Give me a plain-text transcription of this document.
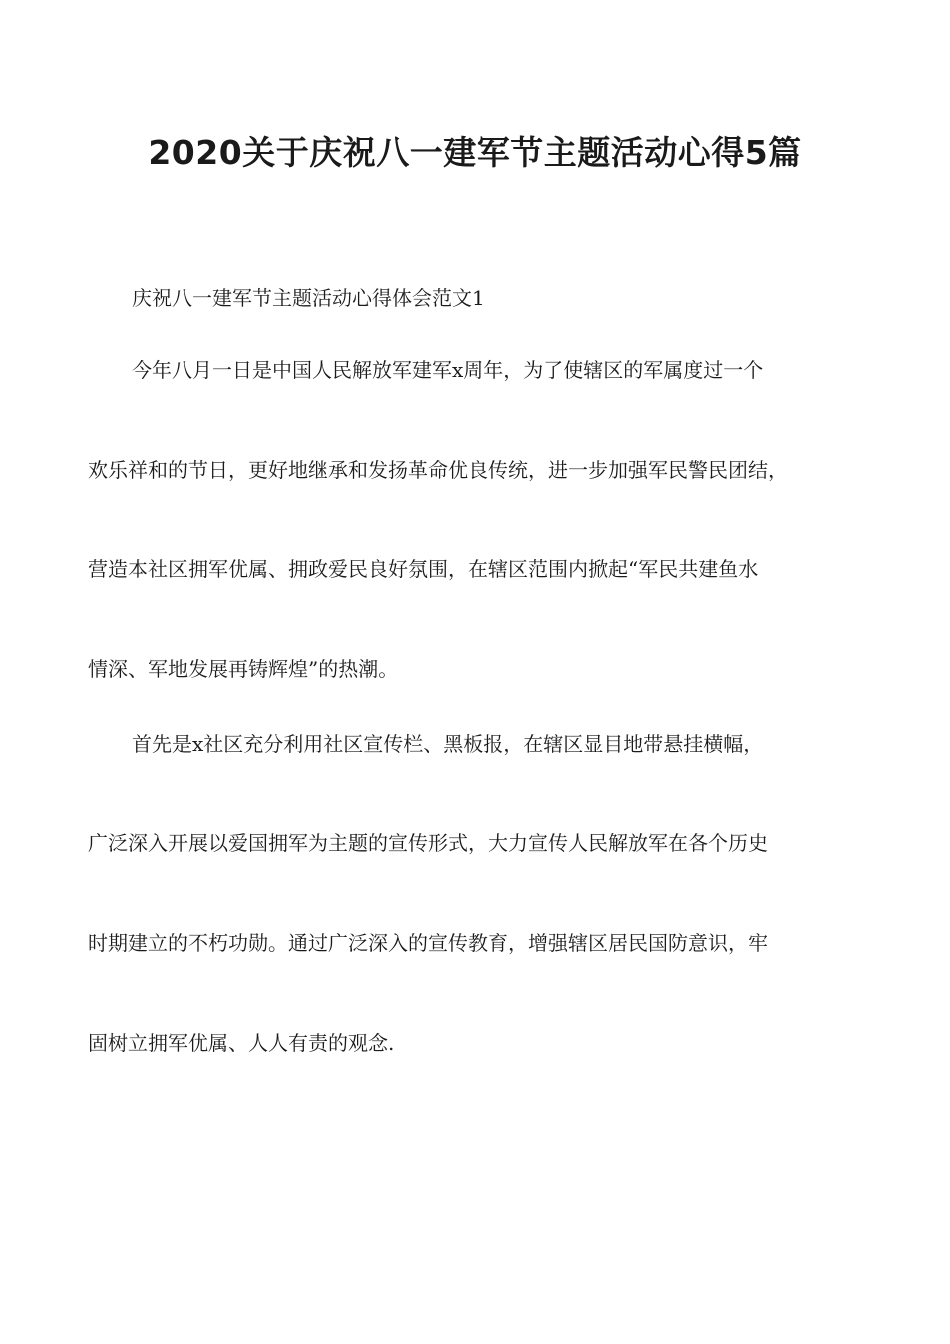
2020关于庆祝八一建军节主题活动心得5篇

庆祝八一建军节主题活动心得体会范文1

今年八月一日是中国人民解放军建军x周年，为了使辖区的军属度过一个

欢乐祥和的节日，更好地继承和发扬革命优良传统，进一步加强军民警民团结，

营造本社区拥军优属、拥政爱民良好氛围，在辖区范围内掀起“军民共建鱼水

情深、军地发展再铸辉煌”的热潮。

首先是x社区充分利用社区宣传栏、黑板报，在辖区显目地带悬挂横幅，

广泛深入开展以爱国拥军为主题的宣传形式，大力宣传人民解放军在各个历史

时期建立的不朽功勋。通过广泛深入的宣传教育，增强辖区居民国防意识，牢

固树立拥军优属、人人有责的观念.
